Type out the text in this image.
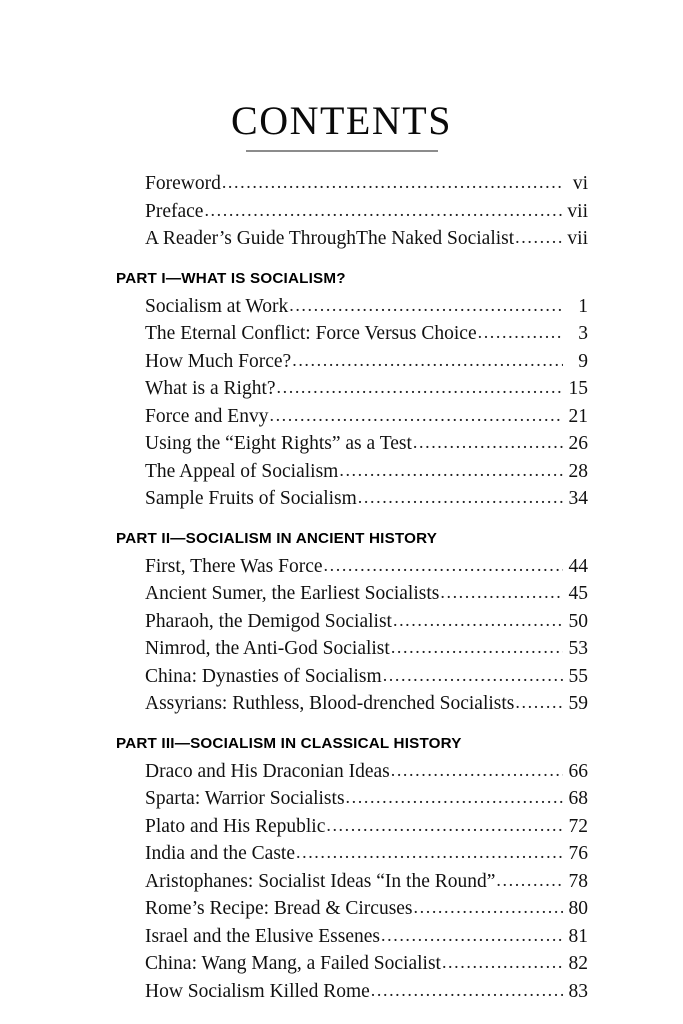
CONTENTS
Foreword .....	vi
Preface .....	vii
A Reader’s Guide Through The Naked Socialist .....	vii
PART I—WHAT IS SOCIALISM?
Socialism at Work .....	1
The Eternal Conflict: Force Versus Choice .....	3
How Much Force? .....	9
What is a Right? .....	15
Force and Envy .....	21
Using the “Eight Rights” as a Test .....	26
The Appeal of Socialism .....	28
Sample Fruits of Socialism .....	34
PART II—SOCIALISM IN ANCIENT HISTORY
First, There Was Force .....	44
Ancient Sumer, the Earliest Socialists .....	45
Pharaoh, the Demigod Socialist .....	50
Nimrod, the Anti-God Socialist .....	53
China: Dynasties of Socialism .....	55
Assyrians: Ruthless, Blood-drenched Socialists .....	59
PART III—SOCIALISM IN CLASSICAL HISTORY
Draco and His Draconian Ideas .....	66
Sparta: Warrior Socialists .....	68
Plato and His Republic .....	72
India and the Caste .....	76
Aristophanes: Socialist Ideas “In the Round” .....	78
Rome’s Recipe: Bread & Circuses .....	80
Israel and the Elusive Essenes .....	81
China: Wang Mang, a Failed Socialist .....	82
How Socialism Killed Rome .....	83
